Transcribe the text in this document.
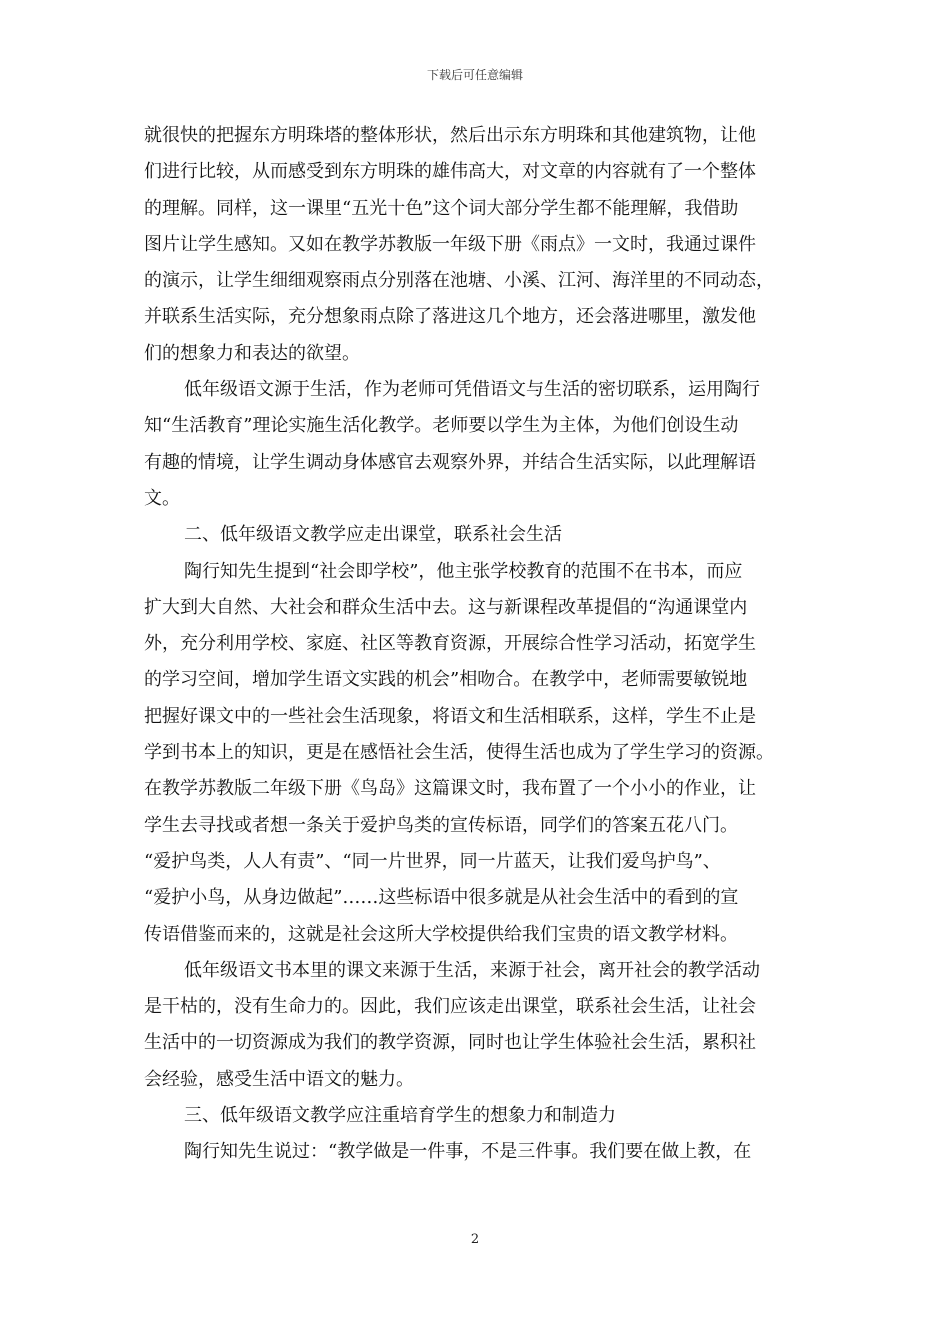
下载后可任意编辑
就很快的把握东方明珠塔的整体形状，然后出示东方明珠和其他建筑物，让他
们进行比较，从而感受到东方明珠的雄伟高大，对文章的内容就有了一个整体
的理解。同样，这一课里“五光十色”这个词大部分学生都不能理解，我借助
图片让学生感知。又如在教学苏教版一年级下册《雨点》一文时，我通过课件
的演示，让学生细细观察雨点分别落在池塘、小溪、江河、海洋里的不同动态，
并联系生活实际，充分想象雨点除了落进这几个地方，还会落进哪里，激发他
们的想象力和表达的欲望。
低年级语文源于生活，作为老师可凭借语文与生活的密切联系，运用陶行
知“生活教育”理论实施生活化教学。老师要以学生为主体，为他们创设生动
有趣的情境，让学生调动身体感官去观察外界，并结合生活实际，以此理解语
文。
二、低年级语文教学应走出课堂，联系社会生活
陶行知先生提到“社会即学校”，他主张学校教育的范围不在书本，而应
扩大到大自然、大社会和群众生活中去。这与新课程改革提倡的“沟通课堂内
外，充分利用学校、家庭、社区等教育资源，开展综合性学习活动，拓宽学生
的学习空间，增加学生语文实践的机会”相吻合。在教学中，老师需要敏锐地
把握好课文中的一些社会生活现象，将语文和生活相联系，这样，学生不止是
学到书本上的知识，更是在感悟社会生活，使得生活也成为了学生学习的资源。
在教学苏教版二年级下册《鸟岛》这篇课文时，我布置了一个小小的作业，让
学生去寻找或者想一条关于爱护鸟类的宣传标语，同学们的答案五花八门。
“爱护鸟类，人人有责”、“同一片世界，同一片蓝天，让我们爱鸟护鸟”、
“爱护小鸟，从身边做起”……这些标语中很多就是从社会生活中的看到的宣
传语借鉴而来的，这就是社会这所大学校提供给我们宝贵的语文教学材料。
低年级语文书本里的课文来源于生活，来源于社会，离开社会的教学活动
是干枯的，没有生命力的。因此，我们应该走出课堂，联系社会生活，让社会
生活中的一切资源成为我们的教学资源，同时也让学生体验社会生活，累积社
会经验，感受生活中语文的魅力。
三、低年级语文教学应注重培育学生的想象力和制造力
陶行知先生说过：“教学做是一件事，不是三件事。我们要在做上教，在
2
